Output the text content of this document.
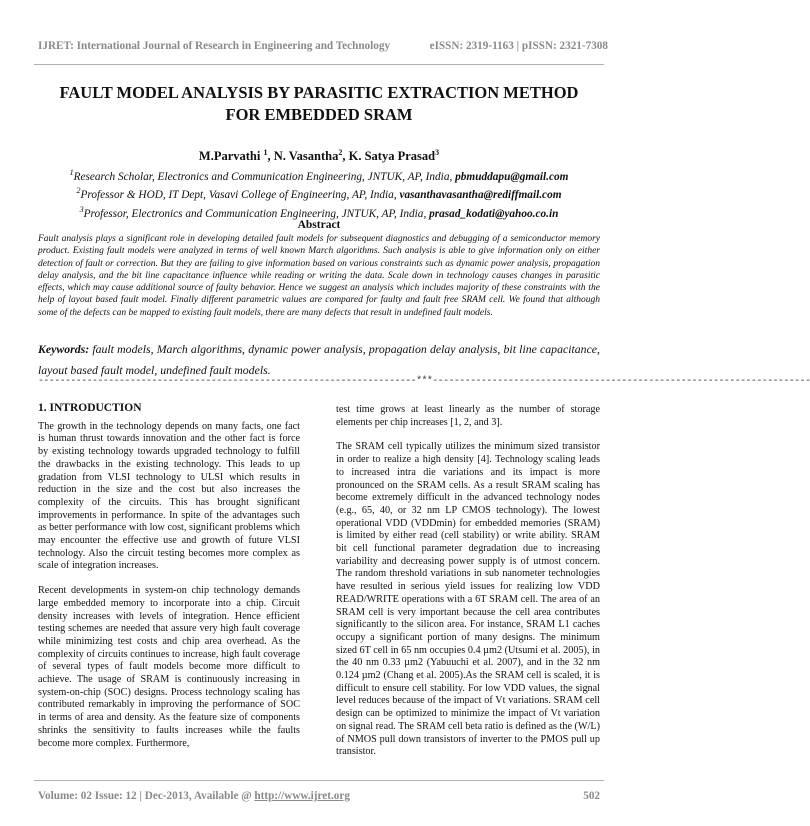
IJRET: International Journal of Research in Engineering and Technology	eISSN: 2319-1163 | pISSN: 2321-7308
FAULT MODEL ANALYSIS BY PARASITIC EXTRACTION METHOD
FOR EMBEDDED SRAM
M.Parvathi $^1$, N. Vasantha$^2$, K. Satya Prasad$^3$
$^1$Research Scholar, Electronics and Communication Engineering, JNTUK, AP, India, pbmuddapu@gmail.com
$^2$Professor & HOD, IT Dept, Vasavi College of Engineering, AP, India, vasanthavasantha@rediffmail.com
$^3$Professor, Electronics and Communication Engineering, JNTUK, AP, India, prasad_kodati@yahoo.co.in
Abstract
Fault analysis plays a significant role in developing detailed fault models for subsequent diagnostics and debugging of a semiconductor memory product. Existing fault models were analyzed in terms of well known March algorithms. Such analysis is able to give information only on either detection of fault or correction. But they are failing to give information based on various constraints such as dynamic power analysis, propagation delay analysis, and the bit line capacitance influence while reading or writing the data. Scale down in technology causes changes in parasitic effects, which may cause additional source of faulty behavior. Hence we suggest an analysis which includes majority of these constraints with the help of layout based fault model. Finally different parametric values are compared for faulty and fault free SRAM cell. We found that although some of the defects can be mapped to existing fault models, there are many defects that result in undefined fault models.
Keywords: fault models, March algorithms, dynamic power analysis, propagation delay analysis, bit line capacitance, layout based fault model, undefined fault models.
----------------------------------------------------------------------***----------------------------------------------------------------------
1. INTRODUCTION

The growth in the technology depends on many facts, one fact is human thrust towards innovation and the other fact is force by existing technology towards upgraded technology to fulfill the drawbacks in the existing technology. This leads to up gradation from VLSI technology to ULSI which results in reduction in the size and the cost but also increases the complexity of the circuits. This has brought significant improvements in performance. In spite of the advantages such as better performance with low cost, significant problems which may encounter the effective use and growth of future VLSI technology. Also the circuit testing becomes more complex as scale of integration increases.

Recent developments in system-on chip technology demands large embedded memory to incorporate into a chip. Circuit density increases with levels of integration. Hence efficient testing schemes are needed that assure very high fault coverage while minimizing test costs and chip area overhead. As the complexity of circuits continues to increase, high fault coverage of several types of fault models become more difficult to achieve. The usage of SRAM is continuously increasing in system-on-chip (SOC) designs. Process technology scaling has contributed remarkably in improving the performance of SOC in terms of area and density. As the feature size of components shrinks the sensitivity to faults increases while the faults become more complex. Furthermore,

test time grows at least linearly as the number of storage elements per chip increases [1, 2, and 3].

The SRAM cell typically utilizes the minimum sized transistor in order to realize a high density [4]. Technology scaling leads to increased intra die variations and its impact is more pronounced on the SRAM cells. As a result SRAM scaling has become extremely difficult in the advanced technology nodes (e.g., 65, 40, or 32 nm LP CMOS technology). The lowest operational VDD (VDDmin) for embedded memories (SRAM) is limited by either read (cell stability) or write ability. SRAM bit cell functional parameter degradation due to increasing variability and decreasing power supply is of utmost concern. The random threshold variations in sub nanometer technologies have resulted in serious yield issues for realizing low VDD READ/WRITE operations with a 6T SRAM cell. The area of an SRAM cell is very important because the cell area contributes significantly to the silicon area. For instance, SRAM L1 caches occupy a significant portion of many designs. The minimum sized 6T cell in 65 nm occupies 0.4 µm2 (Utsumi et al. 2005), in the 40 nm 0.33 µm2 (Yabuuchi et al. 2007), and in the 32 nm 0.124 µm2 (Chang et al. 2005).As the SRAM cell is scaled, it is difficult to ensure cell stability. For low VDD values, the signal level reduces because of the impact of Vt variations. SRAM cell design can be optimized to minimize the impact of Vt variation on signal read. The SRAM cell beta ratio is defined as the (W/L) of NMOS pull down transistors of inverter to the PMOS pull up transistor.

Volume: 02 Issue: 12 | Dec-2013, Available @ http://www.ijret.org	502
